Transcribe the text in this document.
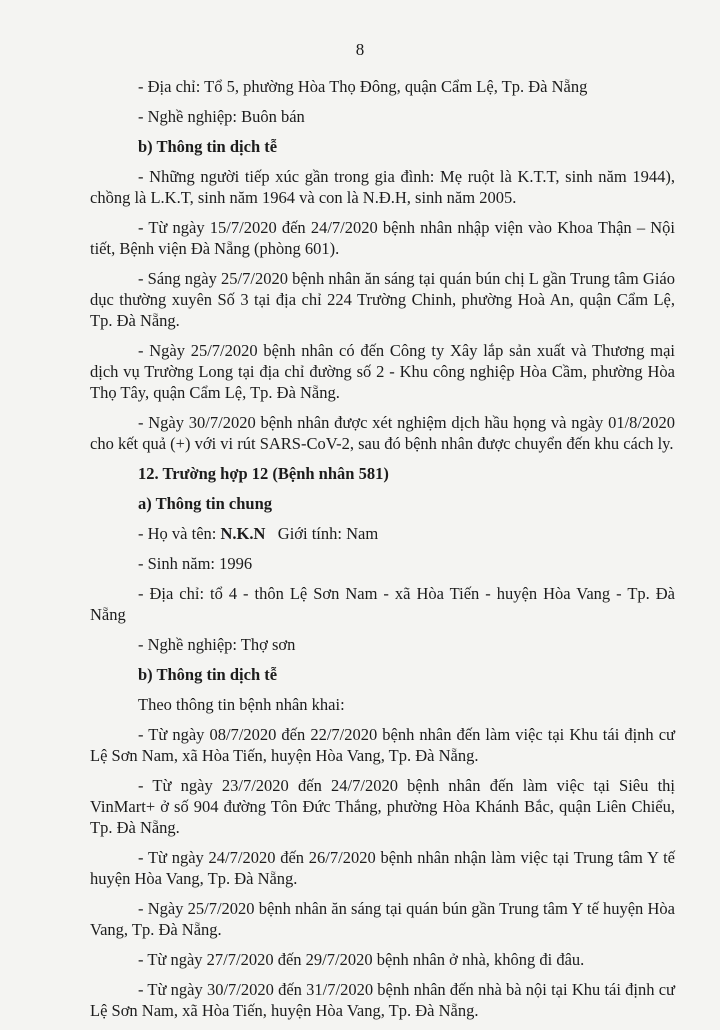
8

- Địa chỉ: Tổ 5, phường Hòa Thọ Đông, quận Cẩm Lệ, Tp. Đà Nẵng

- Nghề nghiệp: Buôn bán

b) Thông tin dịch tễ

- Những người tiếp xúc gần trong gia đình: Mẹ ruột là K.T.T, sinh năm 1944), chồng là L.K.T, sinh năm 1964 và con là N.Đ.H, sinh năm 2005.

- Từ ngày 15/7/2020 đến 24/7/2020 bệnh nhân nhập viện vào Khoa Thận – Nội tiết, Bệnh viện Đà Nẵng (phòng 601).

- Sáng ngày 25/7/2020 bệnh nhân ăn sáng tại quán bún chị L gần Trung tâm Giáo dục thường xuyên Số 3 tại địa chỉ 224 Trường Chinh, phường Hoà An, quận Cẩm Lệ, Tp. Đà Nẵng.

- Ngày 25/7/2020 bệnh nhân có đến Công ty Xây lắp sản xuất và Thương mại dịch vụ Trường Long tại địa chỉ đường số 2 - Khu công nghiệp Hòa Cầm, phường Hòa Thọ Tây, quận Cẩm Lệ, Tp. Đà Nẵng.

- Ngày 30/7/2020 bệnh nhân được xét nghiệm dịch hầu họng và ngày 01/8/2020 cho kết quả (+) với vi rút SARS-CoV-2, sau đó bệnh nhân được chuyển đến khu cách ly.

12. Trường hợp 12 (Bệnh nhân 581)

a) Thông tin chung

- Họ và tên: N.K.N Giới tính: Nam

- Sinh năm: 1996

- Địa chỉ: tổ 4 - thôn Lệ Sơn Nam - xã Hòa Tiến - huyện Hòa Vang - Tp. Đà Nẵng

- Nghề nghiệp: Thợ sơn

b) Thông tin dịch tễ

Theo thông tin bệnh nhân khai:

- Từ ngày 08/7/2020 đến 22/7/2020 bệnh nhân đến làm việc tại Khu tái định cư Lệ Sơn Nam, xã Hòa Tiến, huyện Hòa Vang, Tp. Đà Nẵng.

- Từ ngày 23/7/2020 đến 24/7/2020 bệnh nhân đến làm việc tại Siêu thị VinMart+ ở số 904 đường Tôn Đức Thắng, phường Hòa Khánh Bắc, quận Liên Chiểu, Tp. Đà Nẵng.

- Từ ngày 24/7/2020 đến 26/7/2020 bệnh nhân nhận làm việc tại Trung tâm Y tế huyện Hòa Vang, Tp. Đà Nẵng.

- Ngày 25/7/2020 bệnh nhân ăn sáng tại quán bún gần Trung tâm Y tế huyện Hòa Vang, Tp. Đà Nẵng.

- Từ ngày 27/7/2020 đến 29/7/2020 bệnh nhân ở nhà, không đi đâu.

- Từ ngày 30/7/2020 đến 31/7/2020 bệnh nhân đến nhà bà nội tại Khu tái định cư Lệ Sơn Nam, xã Hòa Tiến, huyện Hòa Vang, Tp. Đà Nẵng.
